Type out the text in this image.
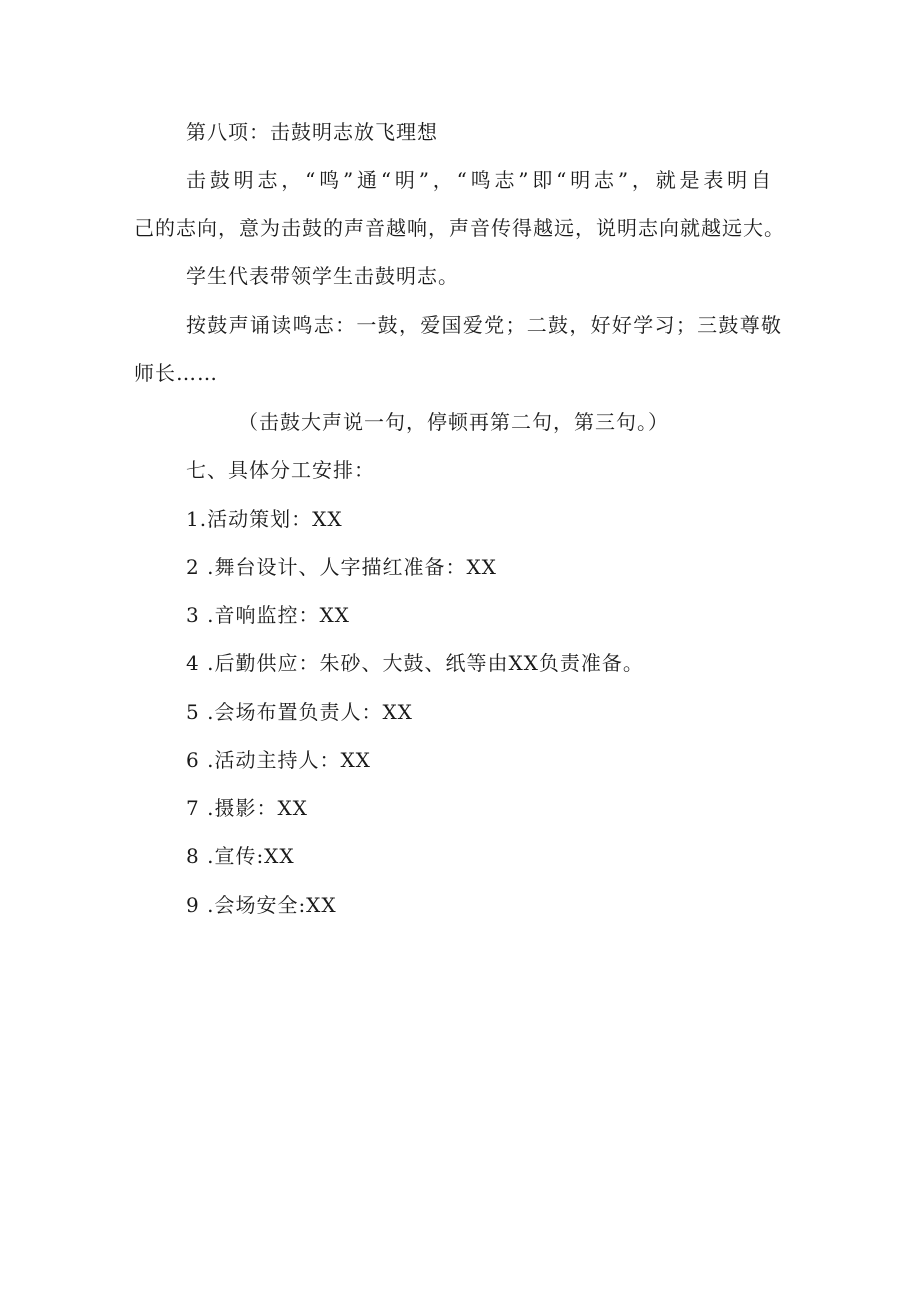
第八项：击鼓明志放飞理想
击鼓明志，“鸣”通“明”，“鸣志”即“明志”，就是表明自
己的志向，意为击鼓的声音越响，声音传得越远，说明志向就越远大。
学生代表带领学生击鼓明志。
按鼓声诵读鸣志：一鼓，爱国爱党；二鼓，好好学习；三鼓尊敬
师长……
（击鼓大声说一句，停顿再第二句，第三句。）
七、具体分工安排：
1.活动策划：XX
2 .舞台设计、人字描红准备：XX
3 .音响监控：XX
4 .后勤供应：朱砂、大鼓、纸等由XX负责准备。
5 .会场布置负责人：XX
6 .活动主持人：XX
7 .摄影：XX
8 .宣传:XX
9 .会场安全:XX
